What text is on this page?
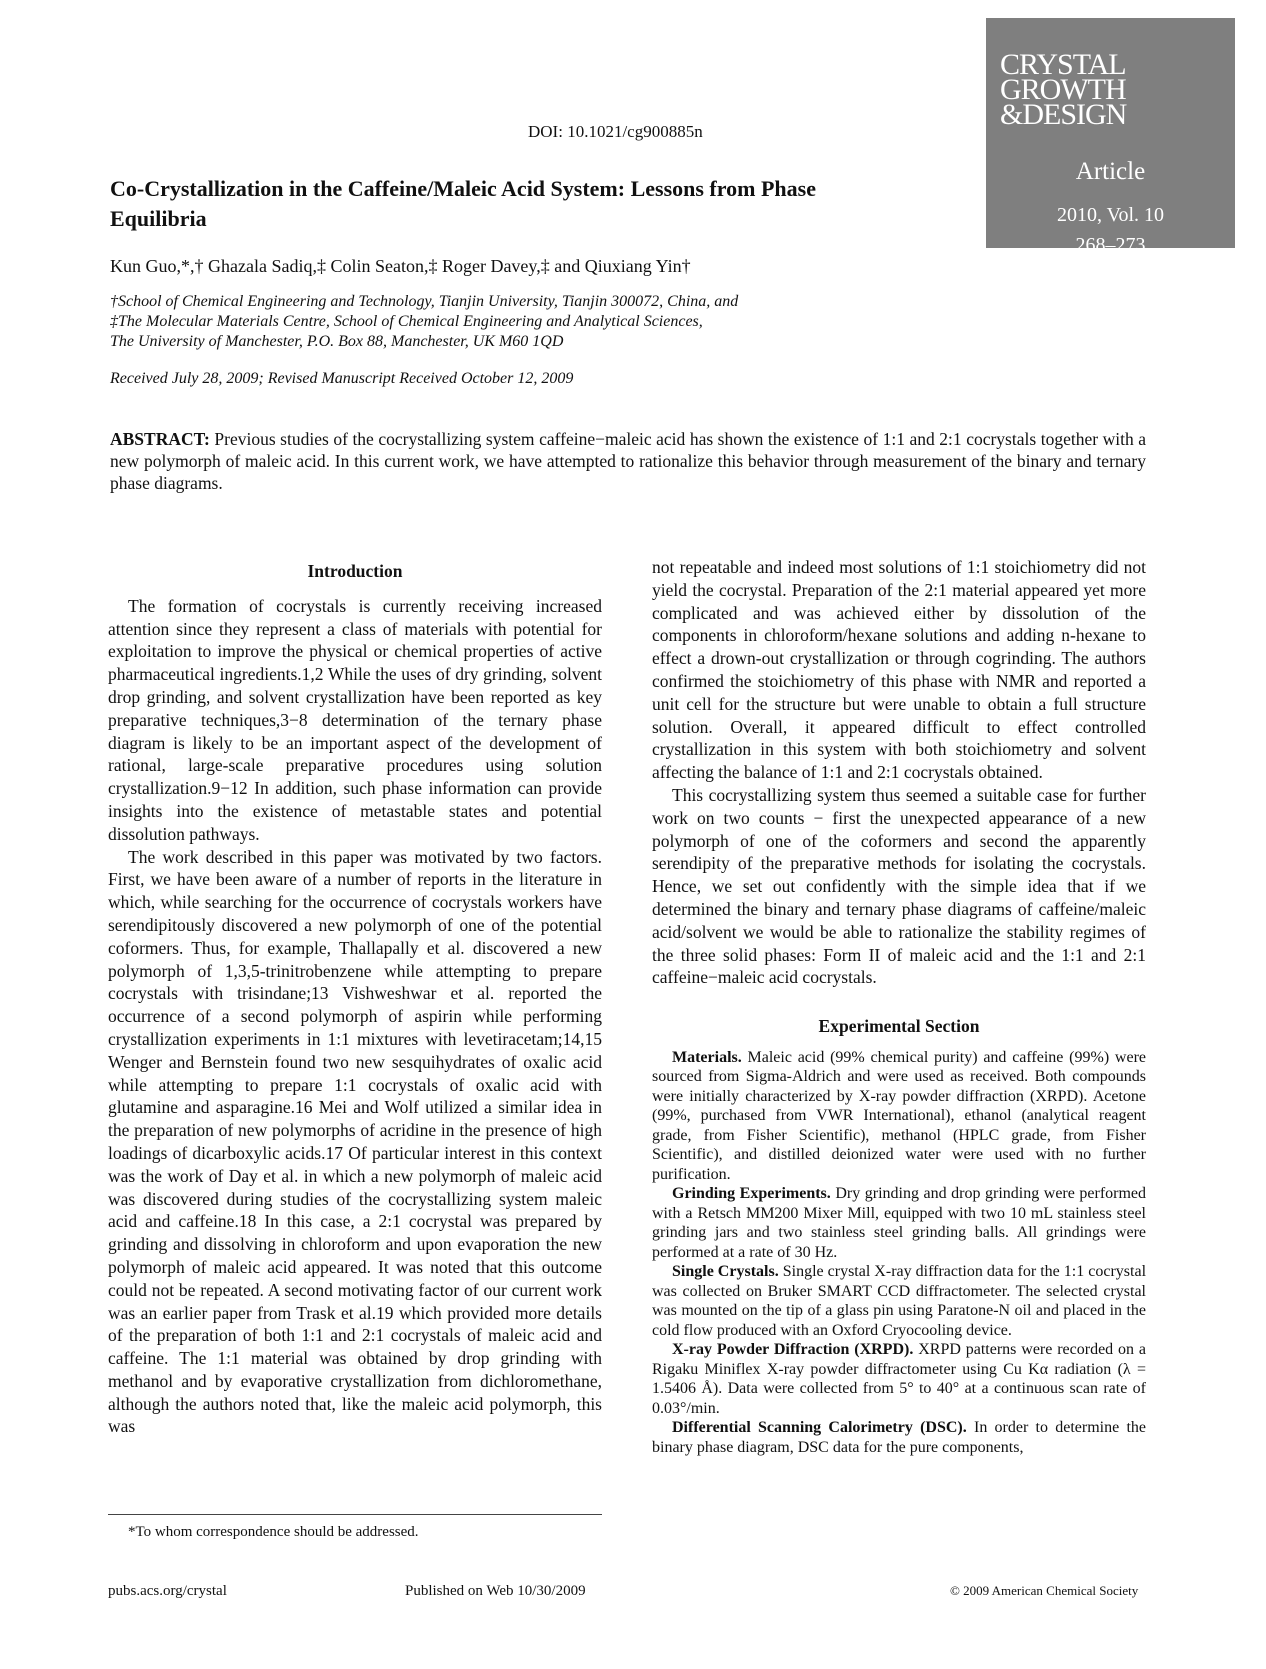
CRYSTAL
GROWTH
&DESIGN
Article
2010, Vol. 10
268–273
DOI: 10.1021/cg900885n
Co-Crystallization in the Caffeine/Maleic Acid System: Lessons from Phase Equilibria
Kun Guo,*,† Ghazala Sadiq,‡ Colin Seaton,‡ Roger Davey,‡ and Qiuxiang Yin†
†School of Chemical Engineering and Technology, Tianjin University, Tianjin 300072, China, and
‡The Molecular Materials Centre, School of Chemical Engineering and Analytical Sciences,
The University of Manchester, P.O. Box 88, Manchester, UK M60 1QD
Received July 28, 2009; Revised Manuscript Received October 12, 2009
ABSTRACT: Previous studies of the cocrystallizing system caffeine−maleic acid has shown the existence of 1:1 and 2:1 cocrystals together with a new polymorph of maleic acid. In this current work, we have attempted to rationalize this behavior through measurement of the binary and ternary phase diagrams.
Introduction

The formation of cocrystals is currently receiving increased attention since they represent a class of materials with potential for exploitation to improve the physical or chemical properties of active pharmaceutical ingredients.1,2 While the uses of dry grinding, solvent drop grinding, and solvent crystallization have been reported as key preparative techniques,3−8 determination of the ternary phase diagram is likely to be an important aspect of the development of rational, large-scale preparative procedures using solution crystallization.9−12 In addition, such phase information can provide insights into the existence of metastable states and potential dissolution pathways.

The work described in this paper was motivated by two factors. First, we have been aware of a number of reports in the literature in which, while searching for the occurrence of cocrystals workers have serendipitously discovered a new polymorph of one of the potential coformers. Thus, for example, Thallapally et al. discovered a new polymorph of 1,3,5-trinitrobenzene while attempting to prepare cocrystals with trisindane;13 Vishweshwar et al. reported the occurrence of a second polymorph of aspirin while performing crystallization experiments in 1:1 mixtures with levetiracetam;14,15 Wenger and Bernstein found two new sesquihydrates of oxalic acid while attempting to prepare 1:1 cocrystals of oxalic acid with glutamine and asparagine.16 Mei and Wolf utilized a similar idea in the preparation of new polymorphs of acridine in the presence of high loadings of dicarboxylic acids.17 Of particular interest in this context was the work of Day et al. in which a new polymorph of maleic acid was discovered during studies of the cocrystallizing system maleic acid and caffeine.18 In this case, a 2:1 cocrystal was prepared by grinding and dissolving in chloroform and upon evaporation the new polymorph of maleic acid appeared. It was noted that this outcome could not be repeated. A second motivating factor of our current work was an earlier paper from Trask et al.19 which provided more details of the preparation of both 1:1 and 2:1 cocrystals of maleic acid and caffeine. The 1:1 material was obtained by drop grinding with methanol and by evaporative crystallization from dichloromethane, although the authors noted that, like the maleic acid polymorph, this was

not repeatable and indeed most solutions of 1:1 stoichiometry did not yield the cocrystal. Preparation of the 2:1 material appeared yet more complicated and was achieved either by dissolution of the components in chloroform/hexane solutions and adding n-hexane to effect a drown-out crystallization or through cogrinding. The authors confirmed the stoichiometry of this phase with NMR and reported a unit cell for the structure but were unable to obtain a full structure solution. Overall, it appeared difficult to effect controlled crystallization in this system with both stoichiometry and solvent affecting the balance of 1:1 and 2:1 cocrystals obtained.

This cocrystallizing system thus seemed a suitable case for further work on two counts − first the unexpected appearance of a new polymorph of one of the coformers and second the apparently serendipity of the preparative methods for isolating the cocrystals. Hence, we set out confidently with the simple idea that if we determined the binary and ternary phase diagrams of caffeine/maleic acid/solvent we would be able to rationalize the stability regimes of the three solid phases: Form II of maleic acid and the 1:1 and 2:1 caffeine−maleic acid cocrystals.

Experimental Section

Materials. Maleic acid (99% chemical purity) and caffeine (99%) were sourced from Sigma-Aldrich and were used as received. Both compounds were initially characterized by X-ray powder diffraction (XRPD). Acetone (99%, purchased from VWR International), ethanol (analytical reagent grade, from Fisher Scientific), methanol (HPLC grade, from Fisher Scientific), and distilled deionized water were used with no further purification.

Grinding Experiments. Dry grinding and drop grinding were performed with a Retsch MM200 Mixer Mill, equipped with two 10 mL stainless steel grinding jars and two stainless steel grinding balls. All grindings were performed at a rate of 30 Hz.

Single Crystals. Single crystal X-ray diffraction data for the 1:1 cocrystal was collected on Bruker SMART CCD diffractometer. The selected crystal was mounted on the tip of a glass pin using Paratone-N oil and placed in the cold flow produced with an Oxford Cryocooling device.

X-ray Powder Diffraction (XRPD). XRPD patterns were recorded on a Rigaku Miniflex X-ray powder diffractometer using Cu Kα radiation (λ = 1.5406 Å). Data were collected from 5° to 40° at a continuous scan rate of 0.03°/min.

Differential Scanning Calorimetry (DSC). In order to determine the binary phase diagram, DSC data for the pure components,

*To whom correspondence should be addressed.
pubs.acs.org/crystal	Published on Web 10/30/2009	© 2009 American Chemical Society
